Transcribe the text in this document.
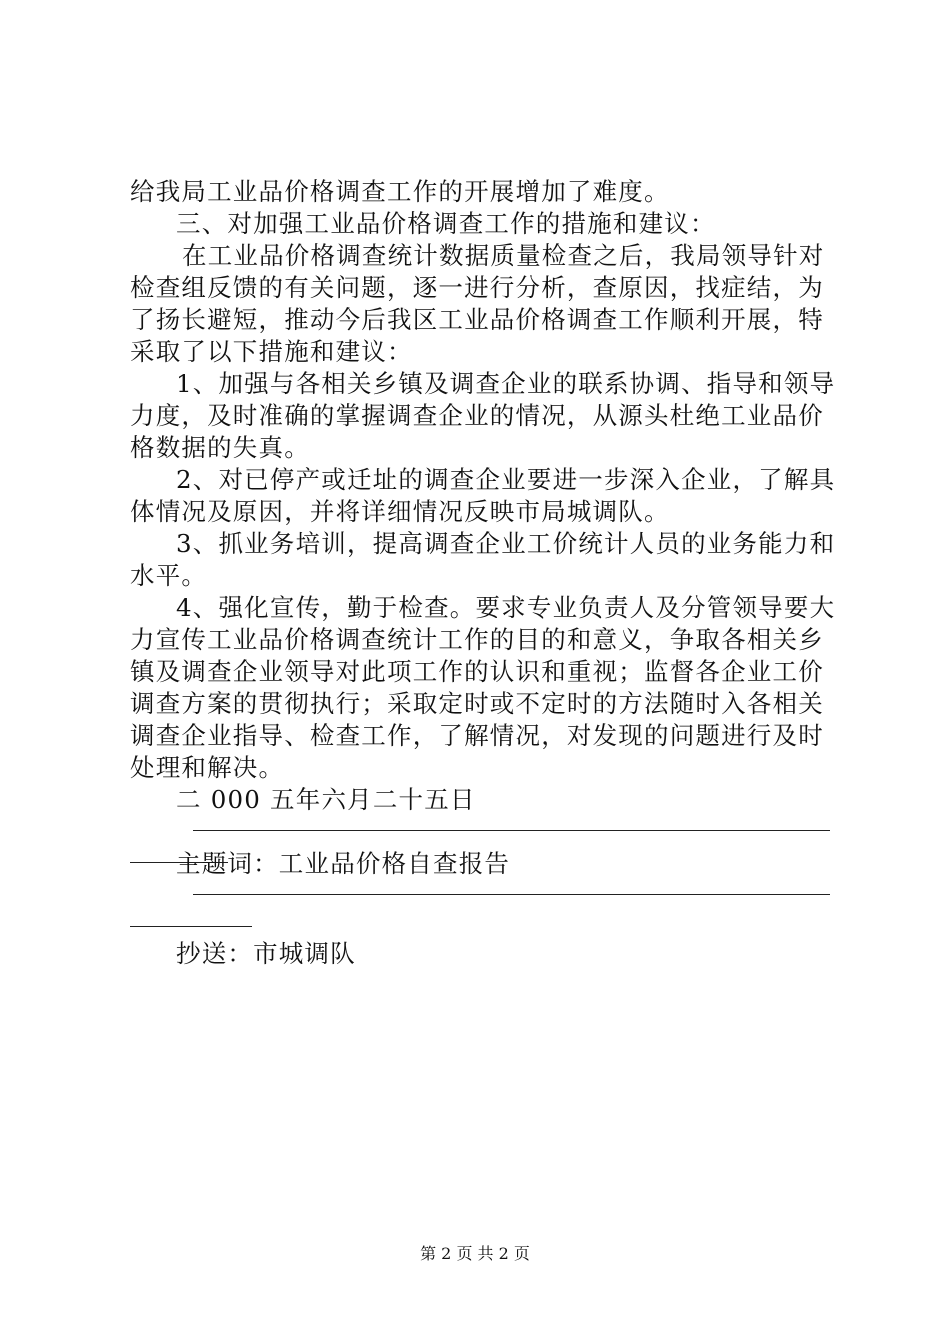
给我局工业品价格调查工作的开展增加了难度。
三、对加强工业品价格调查工作的措施和建议：
在工业品价格调查统计数据质量检查之后，我局领导针对
检查组反馈的有关问题，逐一进行分析，查原因，找症结，为
了扬长避短，推动今后我区工业品价格调查工作顺利开展，特
采取了以下措施和建议：
1、加强与各相关乡镇及调查企业的联系协调、指导和领导
力度，及时准确的掌握调查企业的情况，从源头杜绝工业品价
格数据的失真。
2、对已停产或迁址的调查企业要进一步深入企业，了解具
体情况及原因，并将详细情况反映市局城调队。
3、抓业务培训，提高调查企业工价统计人员的业务能力和
水平。
4、强化宣传，勤于检查。要求专业负责人及分管领导要大
力宣传工业品价格调查统计工作的目的和意义，争取各相关乡
镇及调查企业领导对此项工作的认识和重视；监督各企业工价
调查方案的贯彻执行；采取定时或不定时的方法随时入各相关
调查企业指导、检查工作，了解情况，对发现的问题进行及时
处理和解决。
二 000 五年六月二十五日
主题词：工业品价格自查报告
抄送：市城调队
第 2 页 共 2 页
